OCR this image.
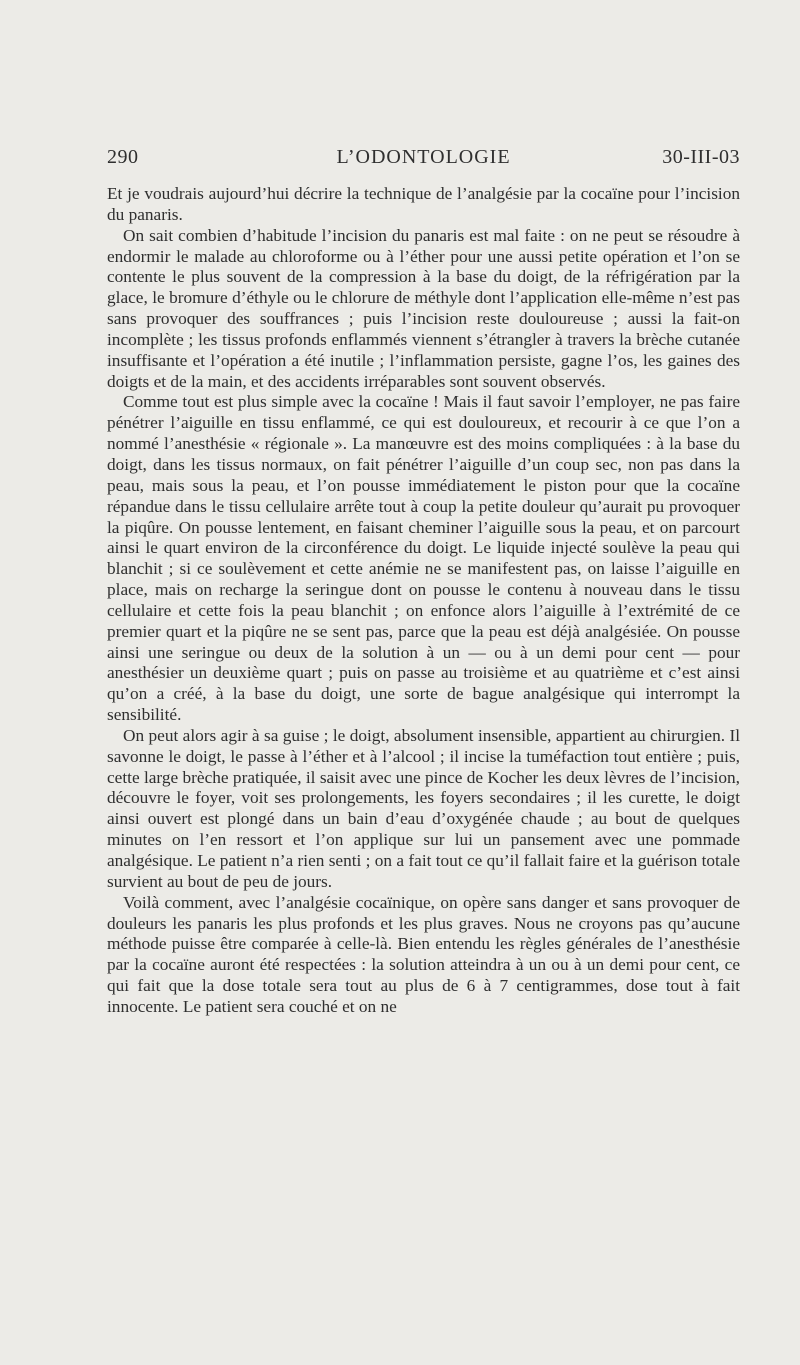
290	L’ODONTOLOGIE	30-III-03

Et je voudrais aujourd’hui décrire la technique de l’analgésie par la cocaïne pour l’incision du panaris.

On sait combien d’habitude l’incision du panaris est mal faite : on ne peut se résoudre à endormir le malade au chloroforme ou à l’éther pour une aussi petite opération et l’on se contente le plus souvent de la compression à la base du doigt, de la réfrigération par la glace, le bromure d’éthyle ou le chlorure de méthyle dont l’application elle-même n’est pas sans provoquer des souffrances ; puis l’incision reste douloureuse ; aussi la fait-on incomplète ; les tissus profonds enflammés viennent s’étrangler à travers la brèche cutanée insuffisante et l’opération a été inutile ; l’inflammation persiste, gagne l’os, les gaines des doigts et de la main, et des accidents irréparables sont souvent observés.

Comme tout est plus simple avec la cocaïne ! Mais il faut savoir l’employer, ne pas faire pénétrer l’aiguille en tissu enflammé, ce qui est douloureux, et recourir à ce que l’on a nommé l’anesthésie « régionale ». La manœuvre est des moins compliquées : à la base du doigt, dans les tissus normaux, on fait pénétrer l’aiguille d’un coup sec, non pas dans la peau, mais sous la peau, et l’on pousse immédiatement le piston pour que la cocaïne répandue dans le tissu cellulaire arrête tout à coup la petite douleur qu’aurait pu provoquer la piqûre. On pousse lentement, en faisant cheminer l’aiguille sous la peau, et on parcourt ainsi le quart environ de la circonférence du doigt. Le liquide injecté soulève la peau qui blanchit ; si ce soulèvement et cette anémie ne se manifestent pas, on laisse l’aiguille en place, mais on recharge la seringue dont on pousse le contenu à nouveau dans le tissu cellulaire et cette fois la peau blanchit ; on enfonce alors l’aiguille à l’extrémité de ce premier quart et la piqûre ne se sent pas, parce que la peau est déjà analgésiée. On pousse ainsi une seringue ou deux de la solution à un — ou à un demi pour cent — pour anesthésier un deuxième quart ; puis on passe au troisième et au quatrième et c’est ainsi qu’on a créé, à la base du doigt, une sorte de bague analgésique qui interrompt la sensibilité.

On peut alors agir à sa guise ; le doigt, absolument insensible, appartient au chirurgien. Il savonne le doigt, le passe à l’éther et à l’alcool ; il incise la tuméfaction tout entière ; puis, cette large brèche pratiquée, il saisit avec une pince de Kocher les deux lèvres de l’incision, découvre le foyer, voit ses prolongements, les foyers secondaires ; il les curette, le doigt ainsi ouvert est plongé dans un bain d’eau d’oxygénée chaude ; au bout de quelques minutes on l’en ressort et l’on applique sur lui un pansement avec une pommade analgésique. Le patient n’a rien senti ; on a fait tout ce qu’il fallait faire et la guérison totale survient au bout de peu de jours.

Voilà comment, avec l’analgésie cocaïnique, on opère sans danger et sans provoquer de douleurs les panaris les plus profonds et les plus graves. Nous ne croyons pas qu’aucune méthode puisse être comparée à celle-là. Bien entendu les règles générales de l’anesthésie par la cocaïne auront été respectées : la solution atteindra à un ou à un demi pour cent, ce qui fait que la dose totale sera tout au plus de 6 à 7 centigrammes, dose tout à fait innocente. Le patient sera couché et on ne
